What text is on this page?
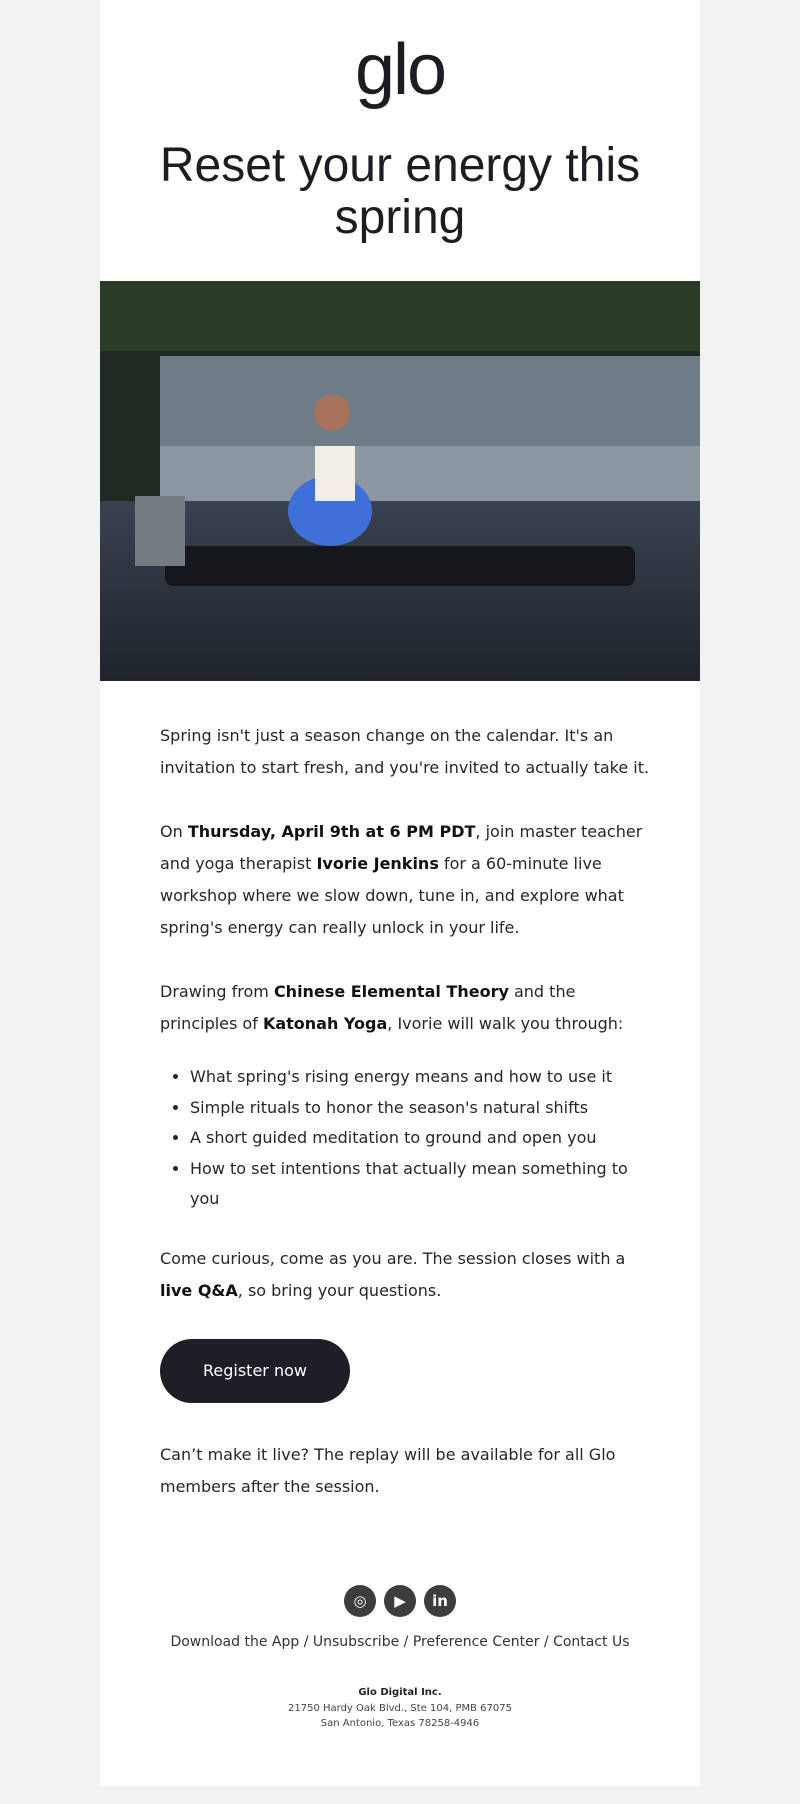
glo
Reset your energy this spring

Spring isn't just a season change on the calendar. It's an invitation to start fresh, and you're invited to actually take it.

On Thursday, April 9th at 6 PM PDT, join master teacher and yoga therapist Ivorie Jenkins for a 60-minute live workshop where we slow down, tune in, and explore what spring's energy can really unlock in your life.

Drawing from Chinese Elemental Theory and the principles of Katonah Yoga, Ivorie will walk you through:

• What spring's rising energy means and how to use it
• Simple rituals to honor the season's natural shifts
• A short guided meditation to ground and open you
• How to set intentions that actually mean something to you

Come curious, come as you are. The session closes with a live Q&A, so bring your questions.

Register now

Can’t make it live? The replay will be available for all Glo members after the session.

◎ ▶ in
Download the App / Unsubscribe / Preference Center / Contact Us
Glo Digital Inc.
21750 Hardy Oak Blvd., Ste 104, PMB 67075
San Antonio, Texas 78258-4946
